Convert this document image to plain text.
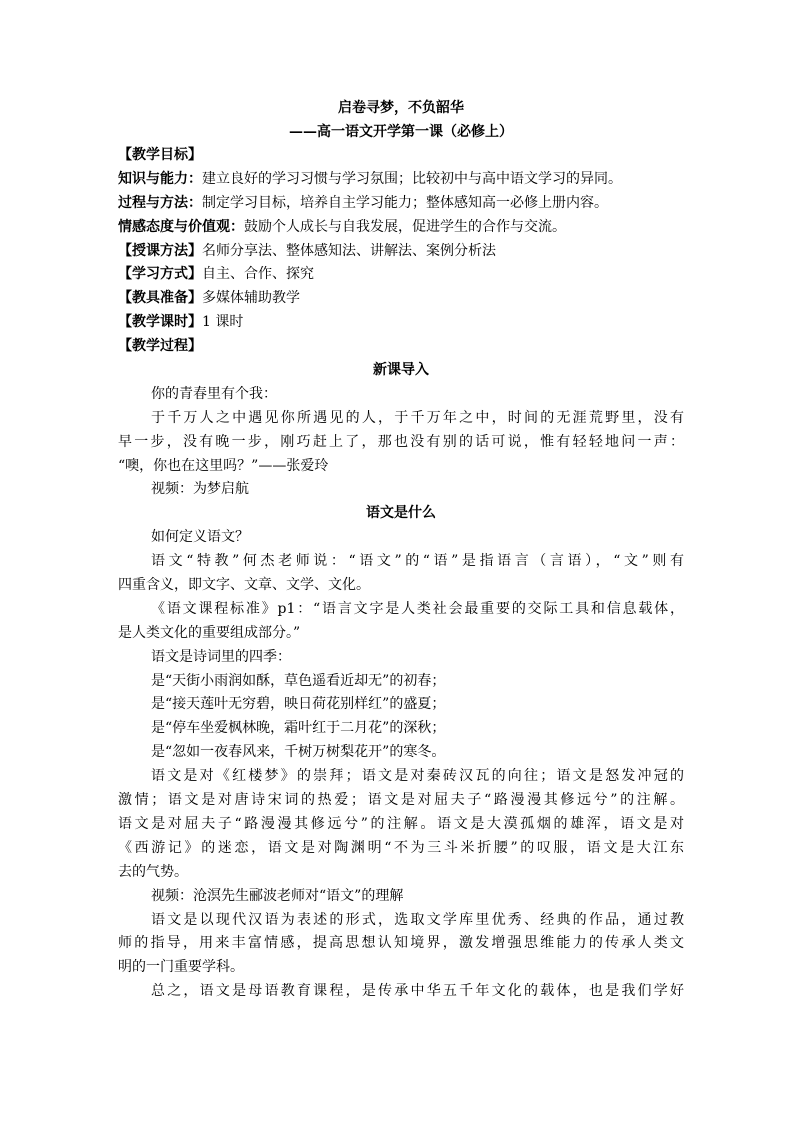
启卷寻梦，不负韶华
——高一语文开学第一课（必修上）
【教学目标】
知识与能力：建立良好的学习习惯与学习氛围；比较初中与高中语文学习的异同。
过程与方法：制定学习目标，培养自主学习能力；整体感知高一必修上册内容。
情感态度与价值观：鼓励个人成长与自我发展，促进学生的合作与交流。
【授课方法】名师分享法、整体感知法、讲解法、案例分析法
【学习方式】自主、合作、探究
【教具准备】多媒体辅助教学
【教学课时】1 课时
【教学过程】
新课导入
你的青春里有个我：
于千万人之中遇见你所遇见的人，于千万年之中，时间的无涯荒野里，没有
早一步，没有晚一步，刚巧赶上了，那也没有别的话可说，惟有轻轻地问一声：
“噢，你也在这里吗？”——张爱玲
视频：为梦启航
语文是什么
如何定义语文？
语文“特教”何杰老师说：“语文”的“语”是指语言（言语），“文”则有
四重含义，即文字、文章、文学、文化。
《语文课程标准》p1：“语言文字是人类社会最重要的交际工具和信息载体，
是人类文化的重要组成部分。”
语文是诗词里的四季：
是“天街小雨润如酥，草色遥看近却无”的初春；
是“接天莲叶无穷碧，映日荷花别样红”的盛夏；
是“停车坐爱枫林晚，霜叶红于二月花”的深秋；
是“忽如一夜春风来，千树万树梨花开”的寒冬。
语文是对《红楼梦》的崇拜；语文是对秦砖汉瓦的向往；语文是怒发冲冠的
激情；语文是对唐诗宋词的热爱；语文是对屈夫子“路漫漫其修远兮”的注解。
语文是对屈夫子“路漫漫其修远兮”的注解。语文是大漠孤烟的雄浑，语文是对
《西游记》的迷恋，语文是对陶渊明“不为三斗米折腰”的叹服，语文是大江东
去的气势。
视频：沧溟先生郦波老师对“语文”的理解
语文是以现代汉语为表述的形式，选取文学库里优秀、经典的作品，通过教
师的指导，用来丰富情感，提高思想认知境界，激发增强思维能力的传承人类文
明的一门重要学科。
总之，语文是母语教育课程，是传承中华五千年文化的载体，也是我们学好
